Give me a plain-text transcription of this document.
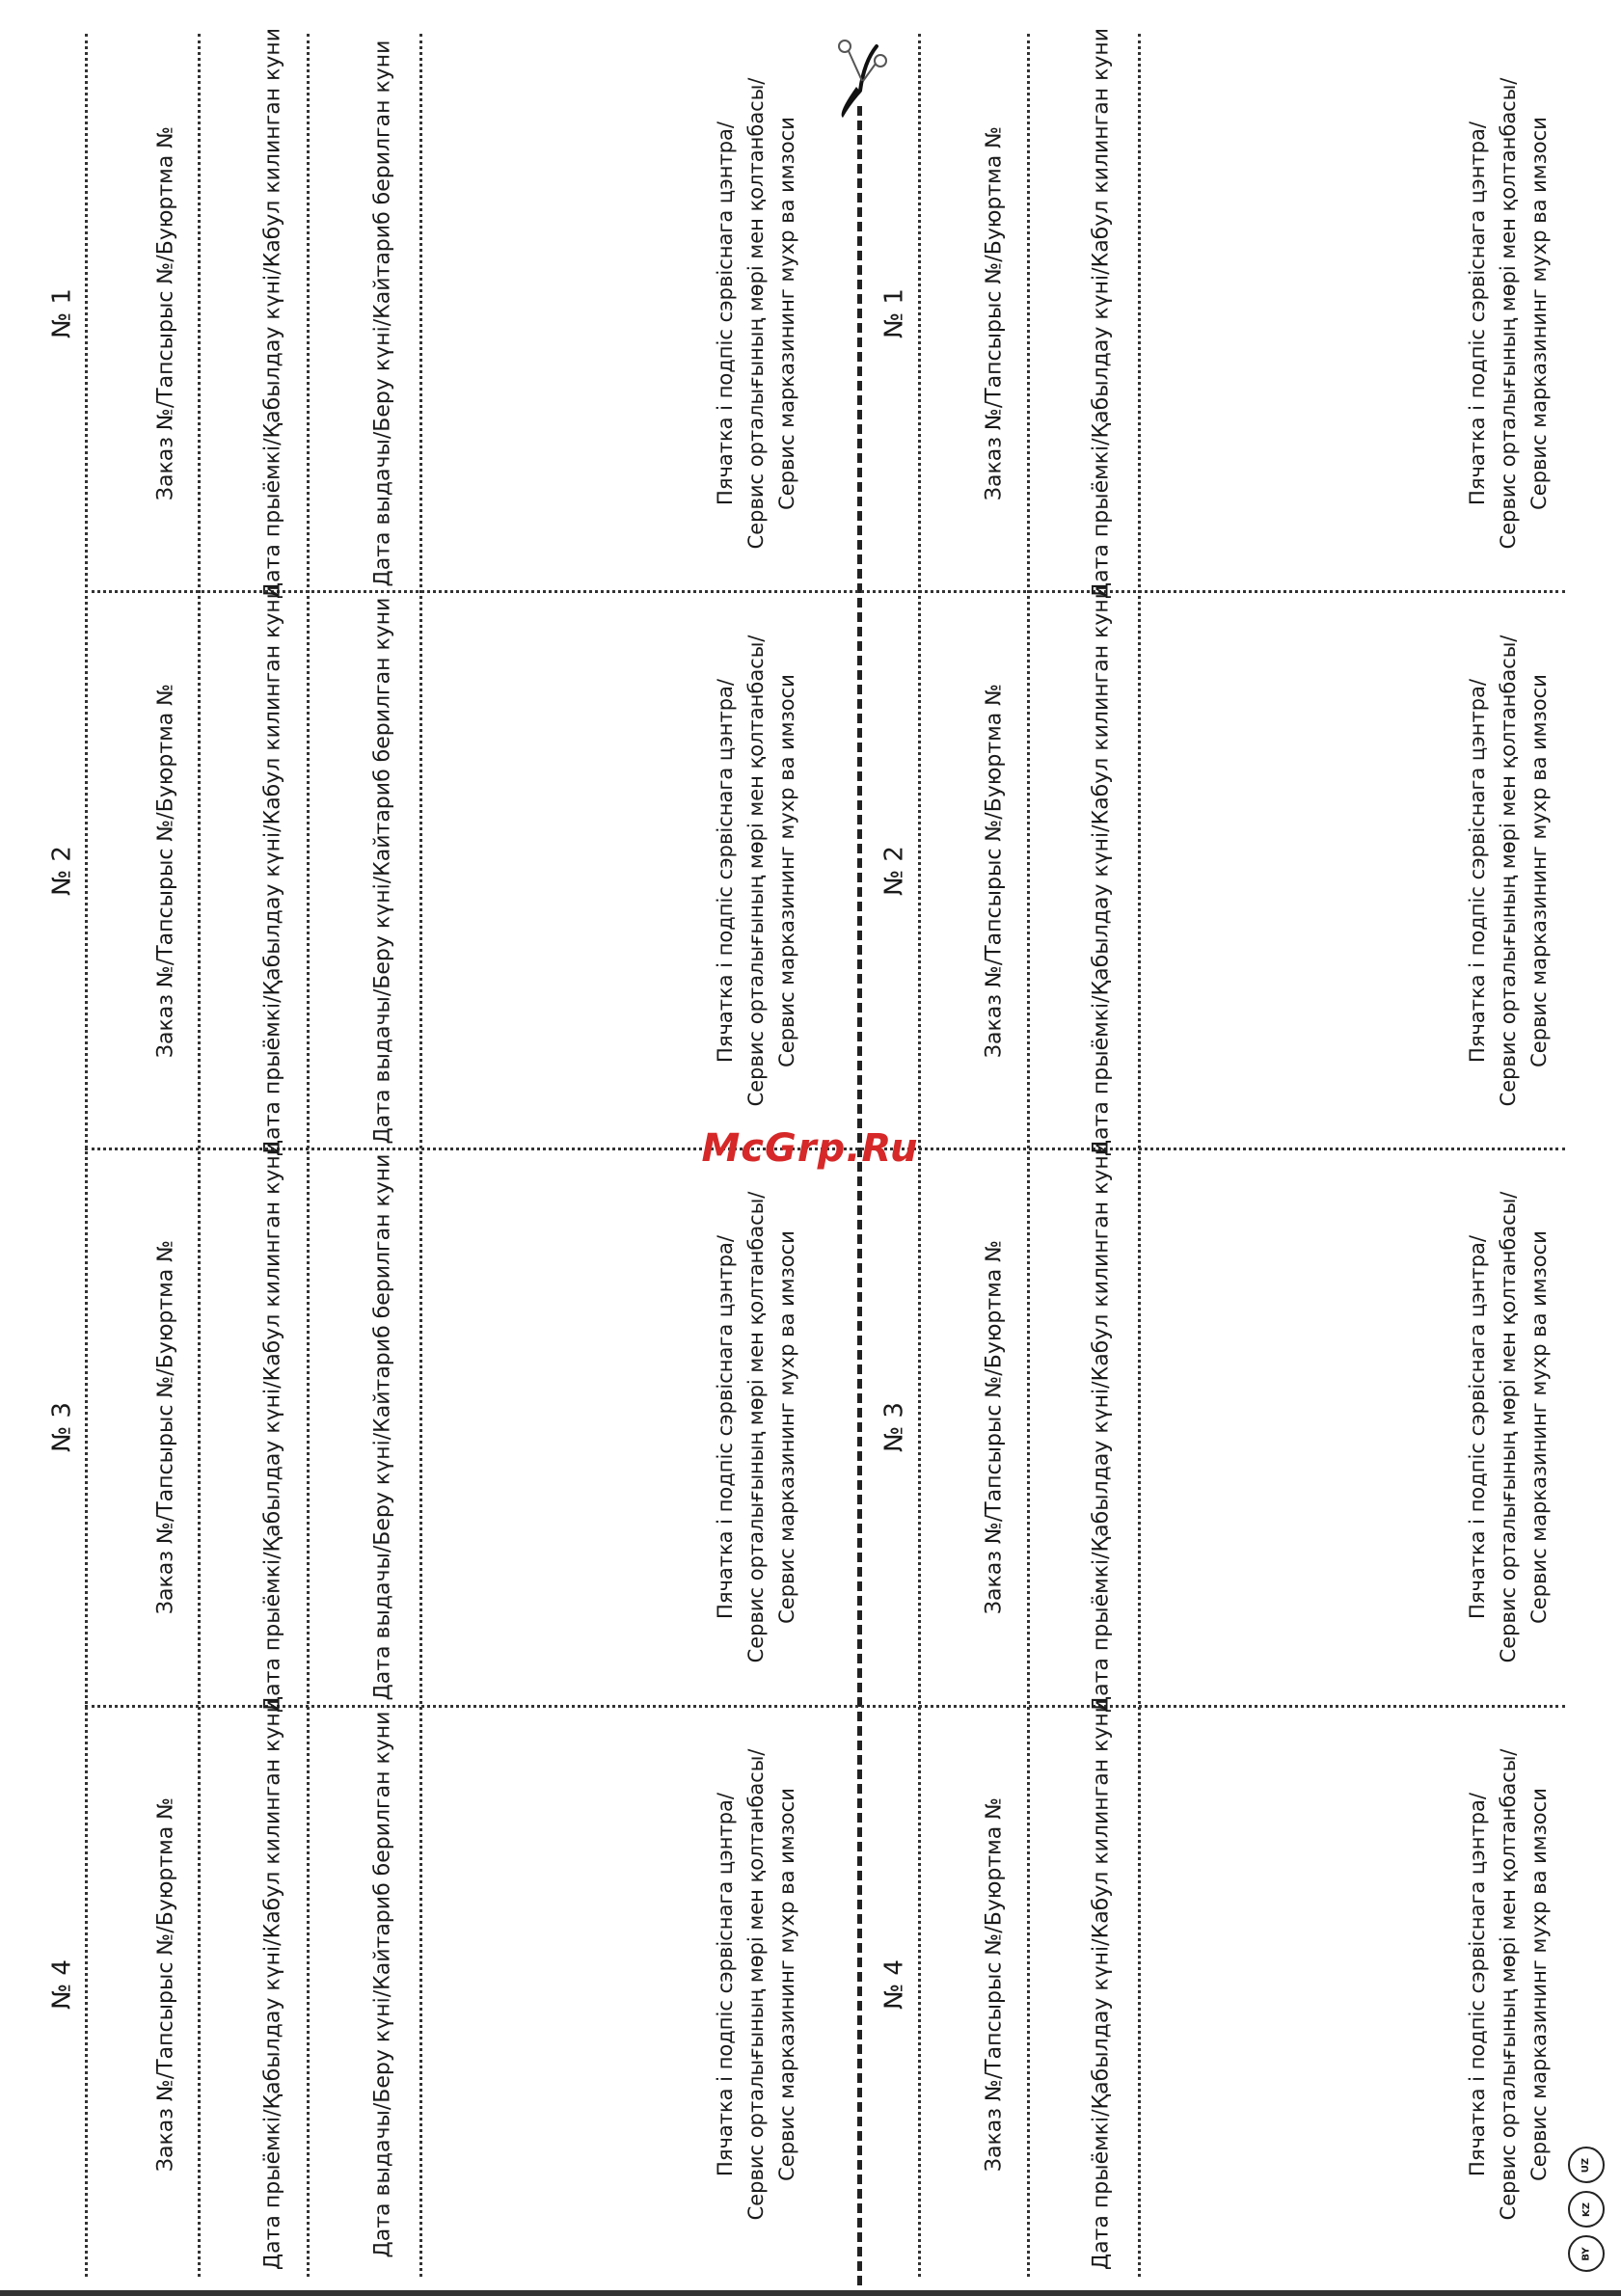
№ 1	Заказ №/Тапсырыс №/Буюртма №	Дата прыёмкі/Қабылдау күні/Кабул килинган куни	Дата выдачы/Беру күні/Кайтариб берилган куни	Пячатка і подпіс сэрвіснага цэнтра/ Сервис орталығының мөрі мен қолтанбасы/ Сервис марказининг мухр ва имзоси	№ 1	Заказ №/Тапсырыс №/Буюртма №	Дата прыёмкі/Қабылдау күні/Кабул килинган куни	Пячатка і подпіс сэрвіснага цэнтра/ Сервис орталығының мөрі мен қолтанбасы/ Сервис марказининг мухр ва имзоси
№ 2	Заказ №/Тапсырыс №/Буюртма №	Дата прыёмкі/Қабылдау күні/Кабул килинган куни	Дата выдачы/Беру күні/Кайтариб берилган куни	Пячатка і подпіс сэрвіснага цэнтра/ Сервис орталығының мөрі мен қолтанбасы/ Сервис марказининг мухр ва имзоси	№ 2	Заказ №/Тапсырыс №/Буюртма №	Дата прыёмкі/Қабылдау күні/Кабул килинган куни	Пячатка і подпіс сэрвіснага цэнтра/ Сервис орталығының мөрі мен қолтанбасы/ Сервис марказининг мухр ва имзоси
№ 3	Заказ №/Тапсырыс №/Буюртма №	Дата прыёмкі/Қабылдау күні/Кабул килинган куни	Дата выдачы/Беру күні/Кайтариб берилган куни	Пячатка і подпіс сэрвіснага цэнтра/ Сервис орталығының мөрі мен қолтанбасы/ Сервис марказининг мухр ва имзоси	№ 3	Заказ №/Тапсырыс №/Буюртма №	Дата прыёмкі/Қабылдау күні/Кабул килинган куни	Пячатка і подпіс сэрвіснага цэнтра/ Сервис орталығының мөрі мен қолтанбасы/ Сервис марказининг мухр ва имзоси
№ 4	Заказ №/Тапсырыс №/Буюртма №	Дата прыёмкі/Қабылдау күні/Кабул килинган куни	Дата выдачы/Беру күні/Кайтариб берилган куни	Пячатка і подпіс сэрвіснага цэнтра/ Сервис орталығының мөрі мен қолтанбасы/ Сервис марказининг мухр ва имзоси	№ 4	Заказ №/Тапсырыс №/Буюртма №	Дата прыёмкі/Қабылдау күні/Кабул килинган куни	Пячатка і подпіс сэрвіснага цэнтра/ Сервис орталығының мөрі мен қолтанбасы/ Сервис марказининг мухр ва имзоси
McGrp.Ru
BY
KZ
UZ
